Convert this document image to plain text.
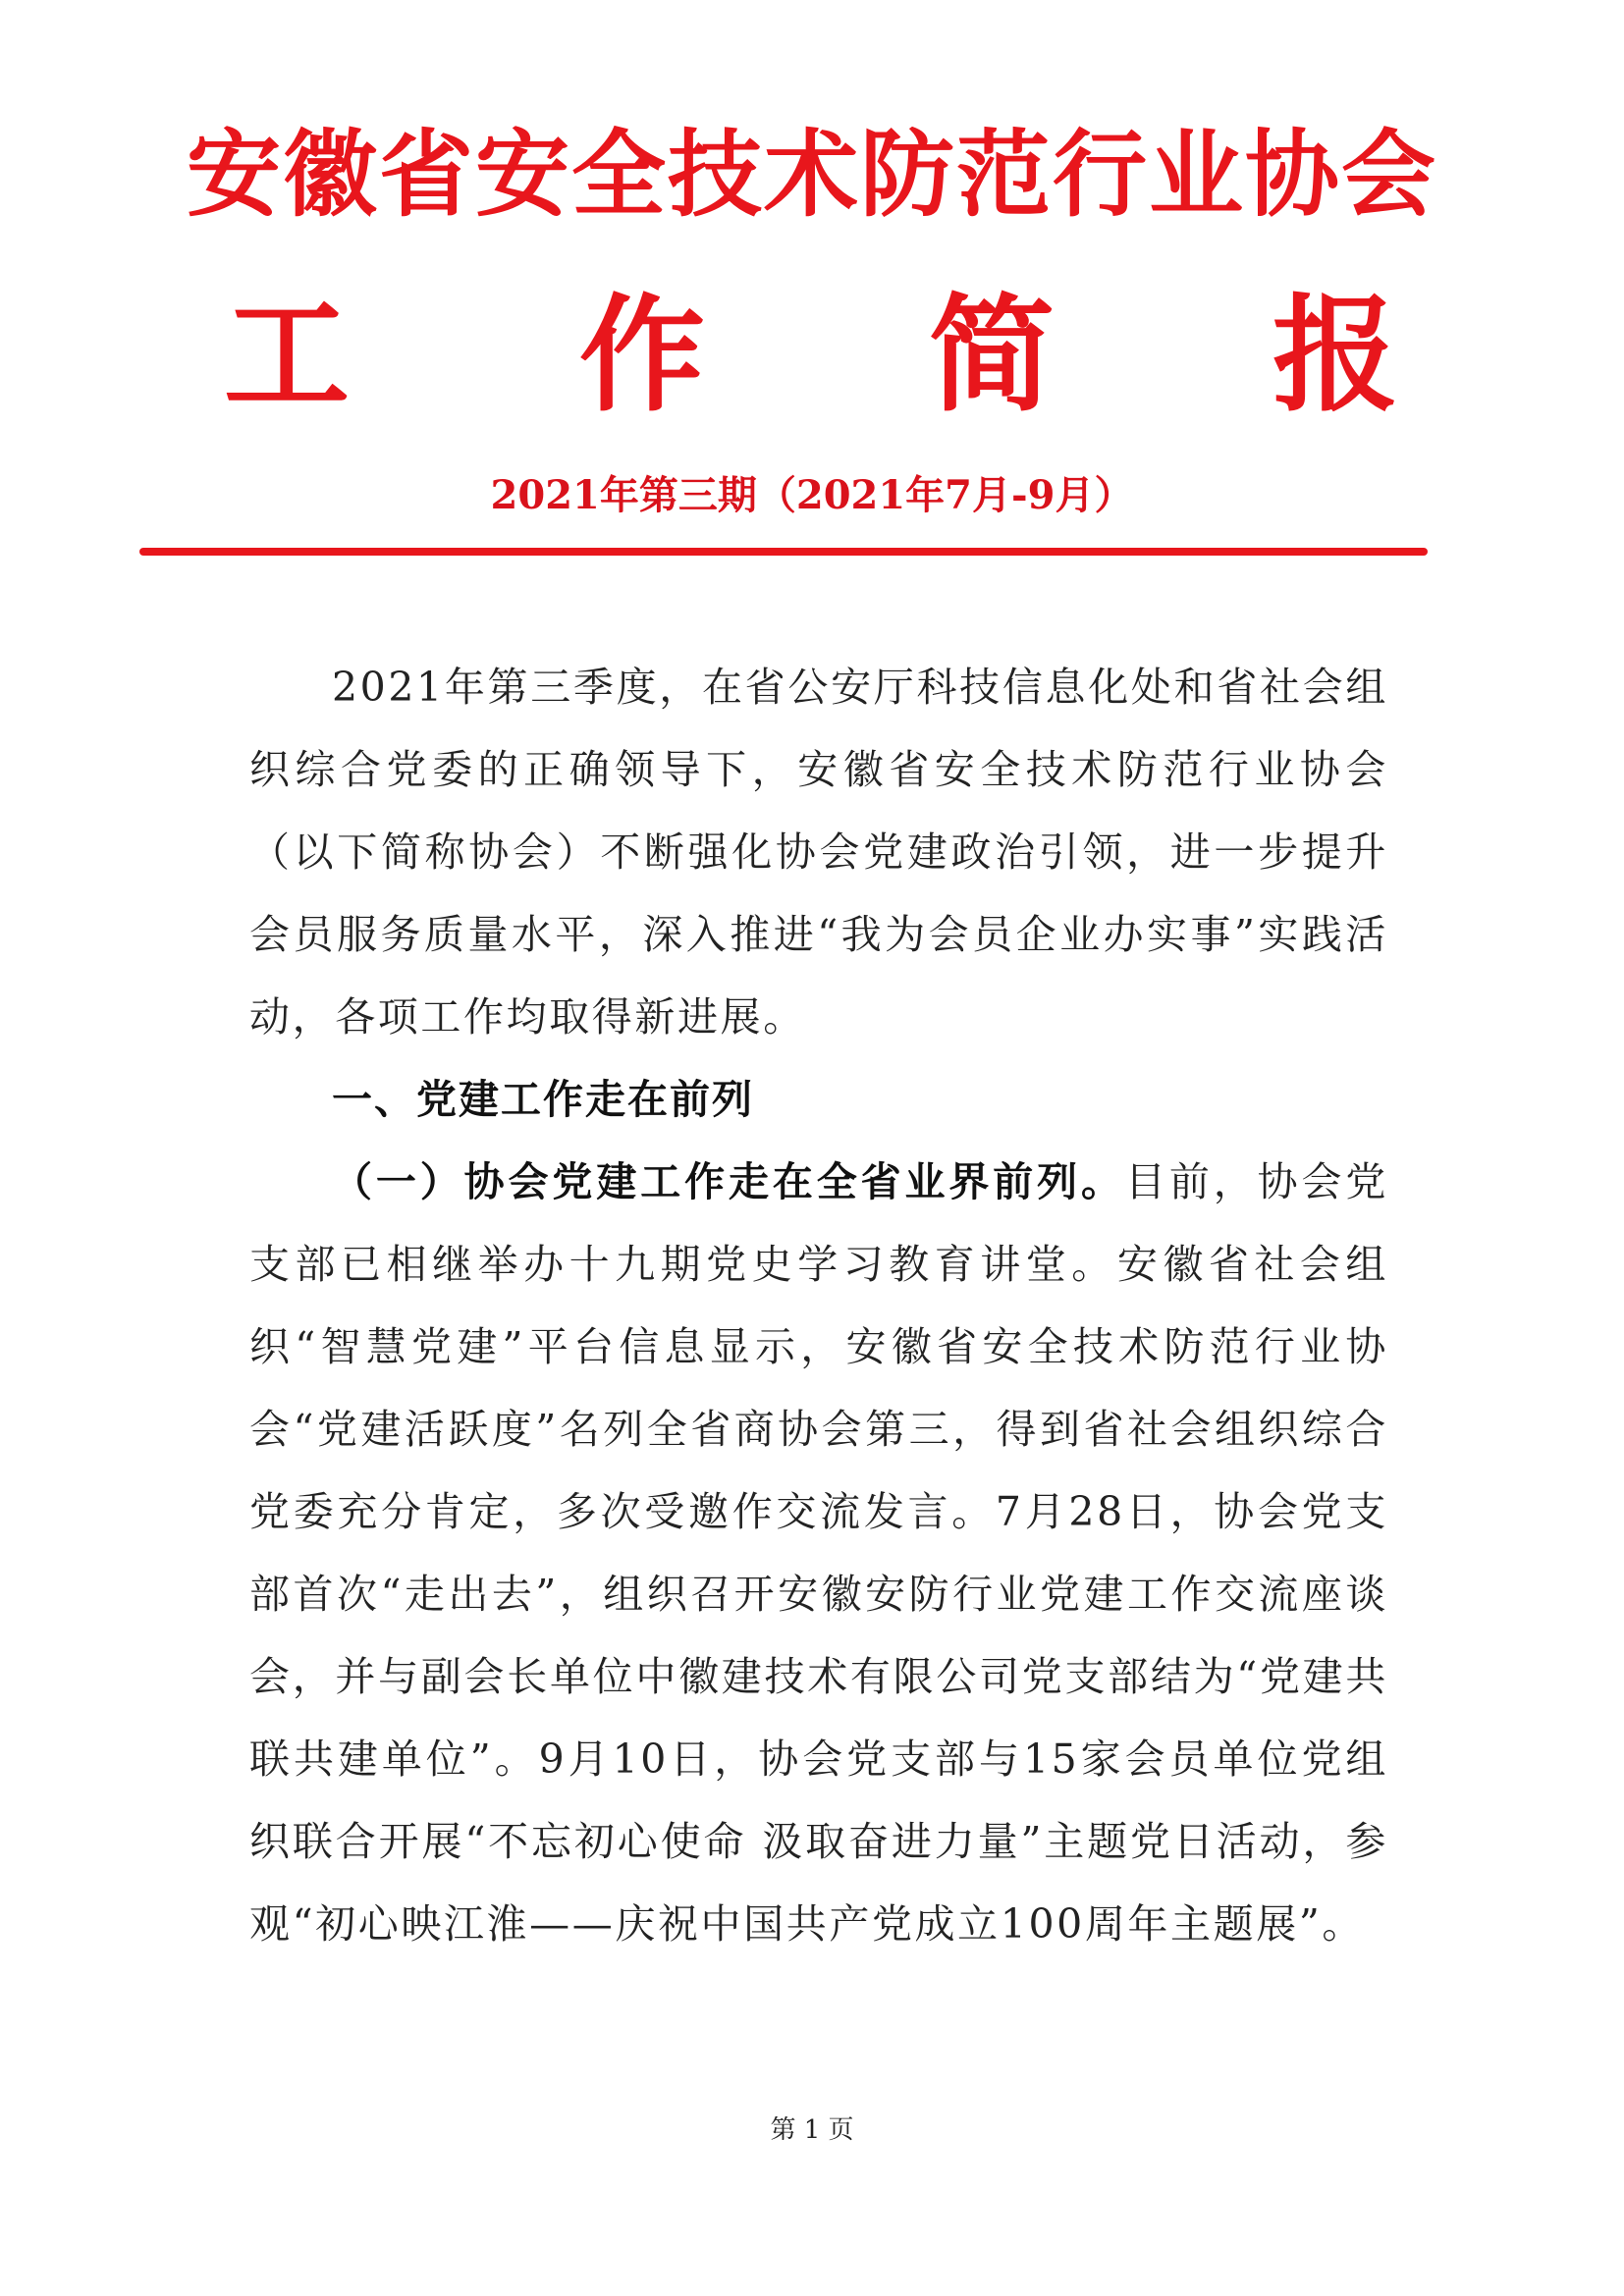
安徽省安全技术防范行业协会
工 作 简 报
2021年第三期（2021年7月-9月）

2021年第三季度，在省公安厅科技信息化处和省社会组织综合党委的正确领导下，安徽省安全技术防范行业协会（以下简称协会）不断强化协会党建政治引领，进一步提升会员服务质量水平，深入推进“我为会员企业办实事”实践活动，各项工作均取得新进展。

一、党建工作走在前列

（一）协会党建工作走在全省业界前列。目前，协会党支部已相继举办十九期党史学习教育讲堂。安徽省社会组织“智慧党建”平台信息显示，安徽省安全技术防范行业协会“党建活跃度”名列全省商协会第三，得到省社会组织综合党委充分肯定，多次受邀作交流发言。7月28日，协会党支部首次“走出去”，组织召开安徽安防行业党建工作交流座谈会，并与副会长单位中徽建技术有限公司党支部结为“党建共联共建单位”。9月10日，协会党支部与15家会员单位党组织联合开展“不忘初心使命 汲取奋进力量”主题党日活动，参观“初心映江淮——庆祝中国共产党成立100周年主题展”。

第 1 页
